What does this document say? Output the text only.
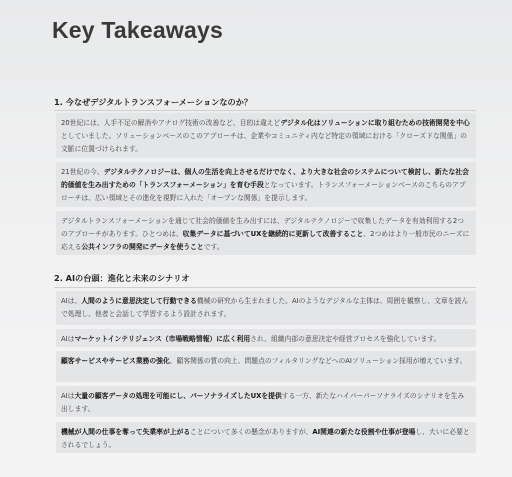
Key Takeaways
1. 今なぜデジタルトランスフォーメーションなのか？
20世紀には、人手不足の解消やアナログ技術の改善など、目的は違えどデジタル化はソリューションに取り組むための技術開発を中心としていました。ソリューションベースのこのアプローチは、企業やコミュニティ内など特定の領域における「クローズドな関係」の文脈に位置づけられます。
21世紀の今、デジタルテクノロジーは、個人の生活を向上させるだけでなく、より大きな社会のシステムについて検討し、新たな社会的価値を生み出すための「トランスフォーメーション」を育む手段となっています。トランスフォーメーションベースのこちらのアプローチは、広い領域とその進化を視野に入れた「オープンな関係」を提示します。
デジタルトランスフォーメーションを通じて社会的価値を生み出すには、デジタルテクノロジーで収集したデータを有効利用する2つのアプローチがあります。ひとつめは、収集データに基づいてUXを継続的に更新して改善すること、2つめはより一般市民のニーズに応える公共インフラの開発にデータを使うことです。
2. AIの台頭：進化と未来のシナリオ
AIは、人間のように意思決定して行動できる機械の研究から生まれました。AIのようなデジタルな主体は、周囲を観察し、文章を読んで処理し、他者と会話して学習するよう設計されます。
AIはマーケットインテリジェンス（市場戦略情報）に広く利用され、組織内部の意思決定や経営プロセスを強化しています。
顧客サービスやサービス業務の強化、顧客関係の質の向上、問題点のフィルタリングなどへのAIソリューション採用が増えています。
AIは大量の顧客データの処理を可能にし、パーソナライズしたUXを提供する一方、新たなハイパーパーソナライズのシナリオを生み出します。
機械が人間の仕事を奪って失業率が上がることについて多くの懸念がありますが、AI関連の新たな役割や仕事が登場し、大いに必要とされるでしょう。
